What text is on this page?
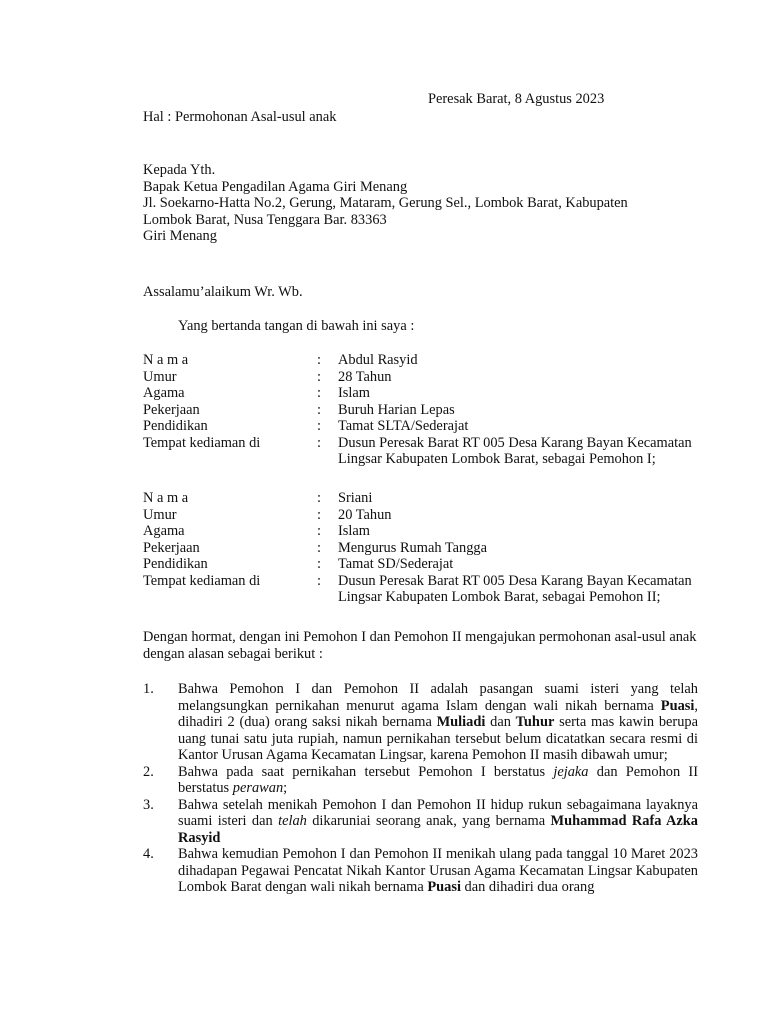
Peresak Barat, 8 Agustus 2023
Hal : Permohonan Asal-usul anak
Kepada Yth.
Bapak Ketua Pengadilan Agama Giri Menang
Jl. Soekarno-Hatta No.2, Gerung, Mataram, Gerung Sel., Lombok Barat, Kabupaten
Lombok Barat, Nusa Tenggara Bar. 83363
Giri Menang
Assalamu’alaikum Wr. Wb.
Yang bertanda tangan di bawah ini saya :
N a m a	:	Abdul Rasyid
Umur	:	28 Tahun
Agama	:	Islam
Pekerjaan	:	Buruh Harian Lepas
Pendidikan	:	Tamat SLTA/Sederajat
Tempat kediaman di	:	Dusun Peresak Barat RT 005 Desa Karang Bayan Kecamatan Lingsar Kabupaten Lombok Barat, sebagai Pemohon I;
N a m a	:	Sriani
Umur	:	20 Tahun
Agama	:	Islam
Pekerjaan	:	Mengurus Rumah Tangga
Pendidikan	:	Tamat SD/Sederajat
Tempat kediaman di	:	Dusun Peresak Barat RT 005 Desa Karang Bayan Kecamatan Lingsar Kabupaten Lombok Barat, sebagai Pemohon II;
Dengan hormat, dengan ini Pemohon I dan Pemohon II mengajukan permohonan asal-usul anak dengan alasan sebagai berikut :
1.	Bahwa Pemohon I dan Pemohon II adalah pasangan suami isteri yang telah melangsungkan pernikahan menurut agama Islam dengan wali nikah bernama Puasi, dihadiri 2 (dua) orang saksi nikah bernama Muliadi dan Tuhur serta mas kawin berupa uang tunai satu juta rupiah, namun pernikahan tersebut belum dicatatkan secara resmi di Kantor Urusan Agama Kecamatan Lingsar, karena Pemohon II masih dibawah umur;
2.	Bahwa pada saat pernikahan tersebut Pemohon I berstatus jejaka dan Pemohon II berstatus perawan;
3.	Bahwa setelah menikah Pemohon I dan Pemohon II hidup rukun sebagaimana layaknya suami isteri dan telah dikaruniai seorang anak, yang bernama Muhammad Rafa Azka Rasyid
4.	Bahwa kemudian Pemohon I dan Pemohon II menikah ulang pada tanggal 10 Maret 2023 dihadapan Pegawai Pencatat Nikah Kantor Urusan Agama Kecamatan Lingsar Kabupaten Lombok Barat dengan wali nikah bernama Puasi dan dihadiri dua orang
